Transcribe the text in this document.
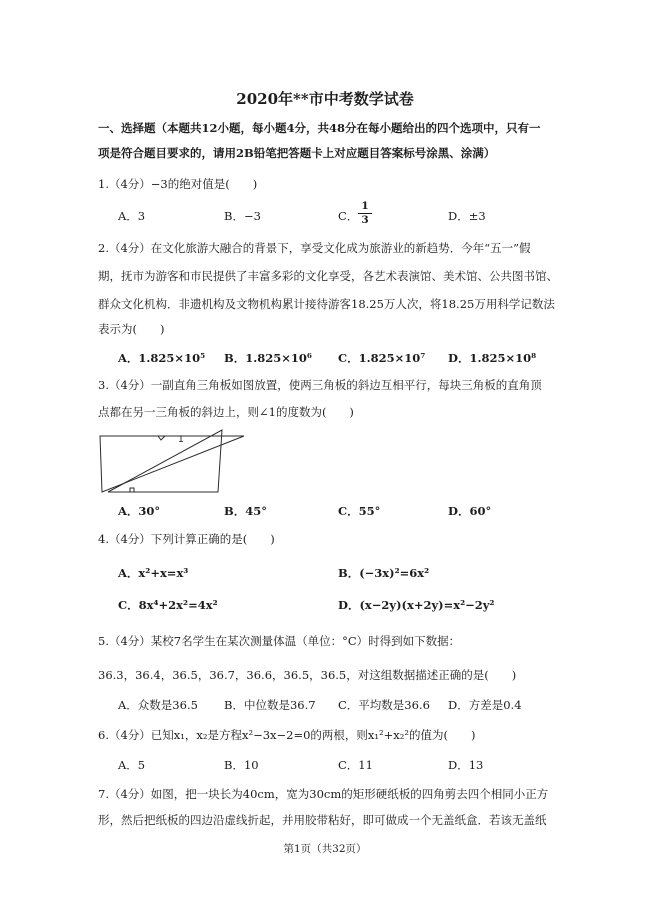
2020年**市中考数学试卷
一、选择题（本题共12小题，每小题4分，共48分在每小题给出的四个选项中，只有一
项是符合题目要求的，请用2B铅笔把答题卡上对应题目答案标号涂黑、涂满）
1.（4分）−3的绝对值是(　　)
A．3	B．−3	C． $\frac{1}{3}$	D．±3
2.（4分）在文化旅游大融合的背景下，享受文化成为旅游业的新趋势．今年“五一”假
期，抚市为游客和市民提供了丰富多彩的文化享受，各艺术表演馆、美术馆、公共图书馆、
群众文化机构．非遗机构及文物机构累计接待游客18.25万人次，将18.25万用科学记数法
表示为(　　)
A．1.825×10⁵ B．1.825×10⁶ C．1.825×10⁷ D．1.825×10⁸
3.（4分）一副直角三角板如图放置，使两三角板的斜边互相平行，每块三角板的直角顶
点都在另一三角板的斜边上，则∠1的度数为(　　)
1
A．30°	B．45°	C．55°	D．60°
4.（4分）下列计算正确的是(　　)
A．x²+x=x³	B．(−3x)²=6x²
C．8x⁴+2x²=4x²	D．(x−2y)(x+2y)=x²−2y²
5.（4分）某校7名学生在某次测量体温（单位：°C）时得到如下数据：
36.3，36.4，36.5，36.7，36.6，36.5，36.5，对这组数据描述正确的是(　　)
A．众数是36.5 B．中位数是36.7 C．平均数是36.6 D．方差是0.4
6.（4分）已知x₁，x₂是方程x²−3x−2=0的两根，则x₁²+x₂²的值为(　　)
A．5	B．10	C．11	D．13
7.（4分）如图，把一块长为40cm，宽为30cm的矩形硬纸板的四角剪去四个相同小正方
形，然后把纸板的四边沿虚线折起，并用胶带粘好，即可做成一个无盖纸盒．若该无盖纸
第1页（共32页）
